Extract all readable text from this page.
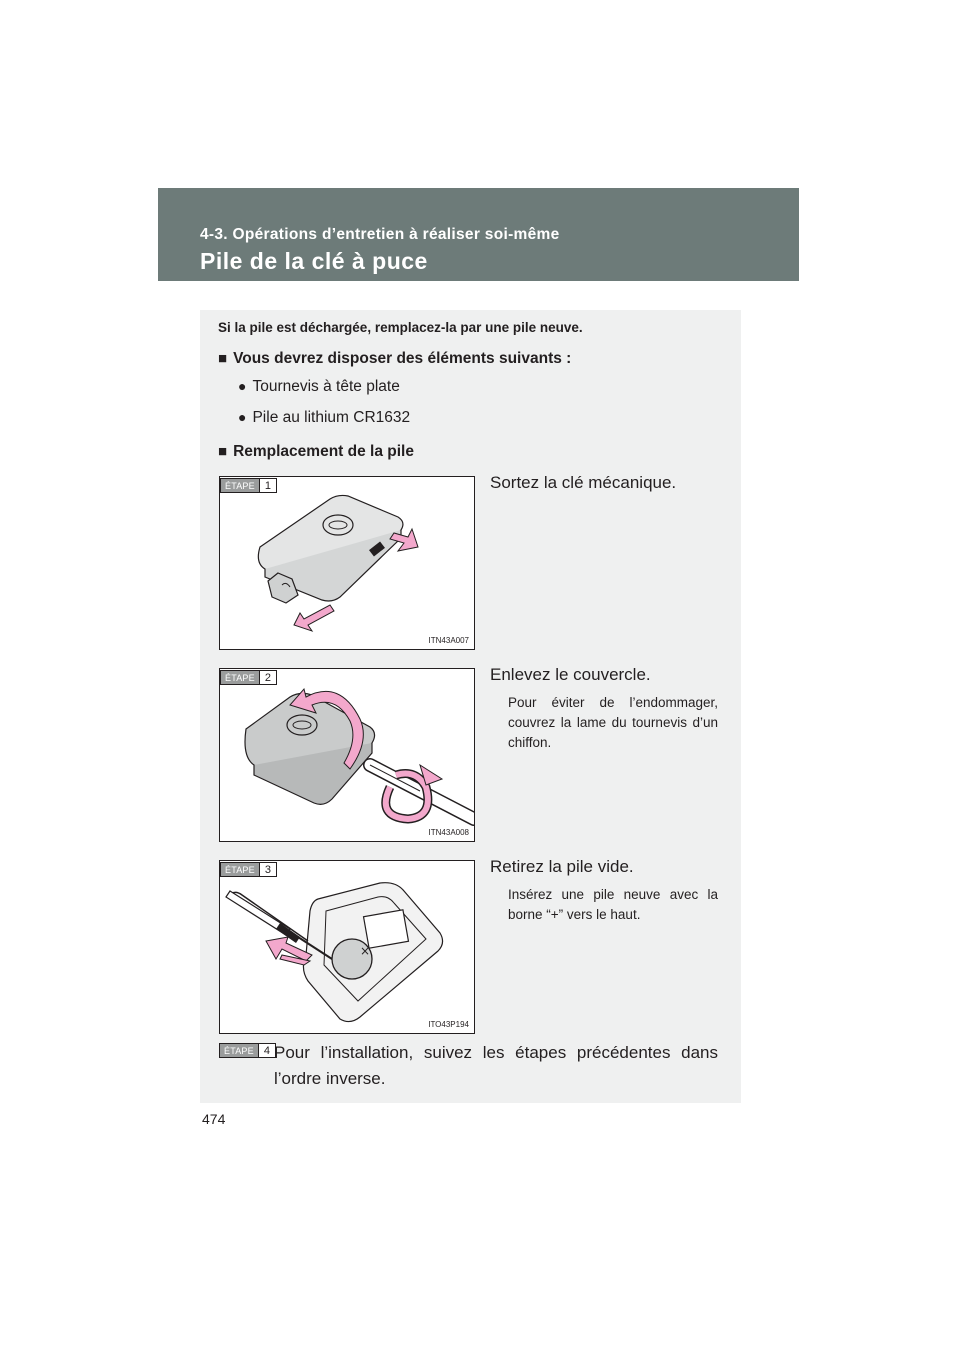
4-3. Opérations d’entretien à réaliser soi-même
Pile de la clé à puce
Si la pile est déchargée, remplacez-la par une pile neuve.
■ Vous devrez disposer des éléments suivants :
● Tournevis à tête plate
● Pile au lithium CR1632
■ Remplacement de la pile
ÉTAPE 1
ITN43A007
Sortez la clé mécanique.
ÉTAPE 2
ITN43A008
Enlevez le couvercle.
Pour éviter de l’endommager, couvrez la lame du tournevis d’un chiffon.
×
ÉTAPE 3
ITO43P194
Retirez la pile vide.
Insérez une pile neuve avec la borne “+” vers le haut.
ÉTAPE 4 Pour l’installation, suivez les étapes précédentes dans l’ordre inverse.
474
